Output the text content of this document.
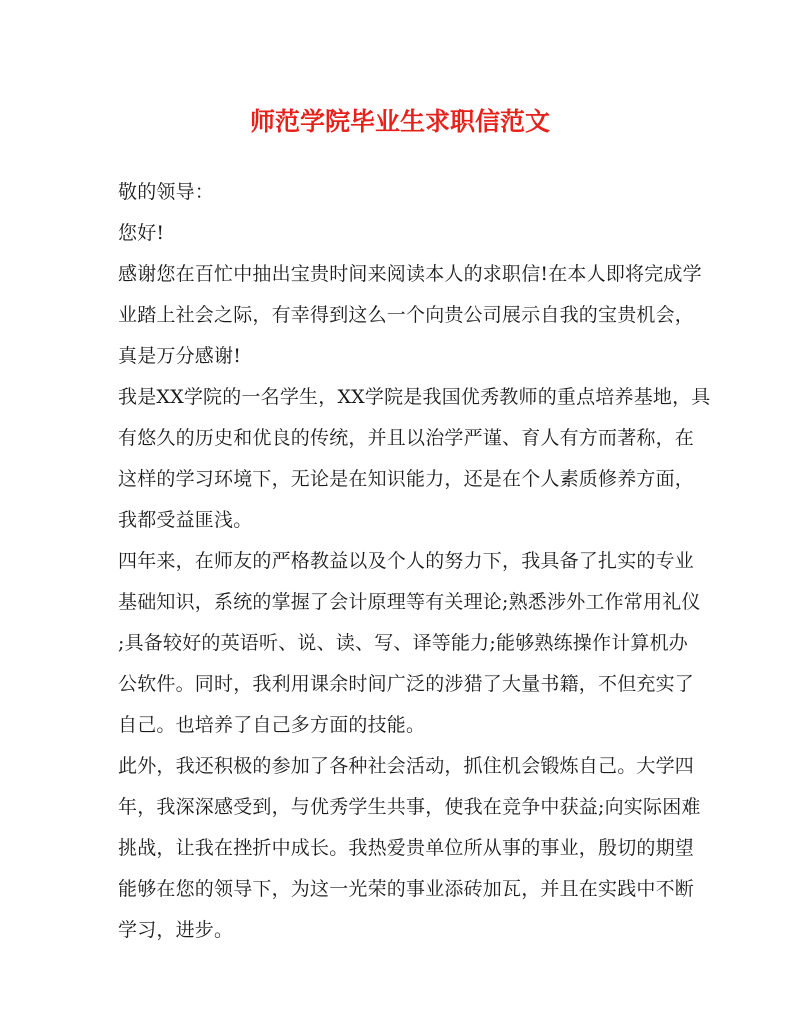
师范学院毕业生求职信范文
敬的领导：
您好!
感谢您在百忙中抽出宝贵时间来阅读本人的求职信!在本人即将完成学
业踏上社会之际，有幸得到这么一个向贵公司展示自我的宝贵机会，
真是万分感谢!
我是XX学院的一名学生，XX学院是我国优秀教师的重点培养基地，具
有悠久的历史和优良的传统，并且以治学严谨、育人有方而著称，在
这样的学习环境下，无论是在知识能力，还是在个人素质修养方面，
我都受益匪浅。
四年来，在师友的严格教益以及个人的努力下，我具备了扎实的专业
基础知识，系统的掌握了会计原理等有关理论;熟悉涉外工作常用礼仪
;具备较好的英语听、说、读、写、译等能力;能够熟练操作计算机办
公软件。同时，我利用课余时间广泛的涉猎了大量书籍，不但充实了
自己。也培养了自己多方面的技能。
此外，我还积极的参加了各种社会活动，抓住机会锻炼自己。大学四
年，我深深感受到，与优秀学生共事，使我在竞争中获益;向实际困难
挑战，让我在挫折中成长。我热爱贵单位所从事的事业，殷切的期望
能够在您的领导下，为这一光荣的事业添砖加瓦，并且在实践中不断
学习，进步。
